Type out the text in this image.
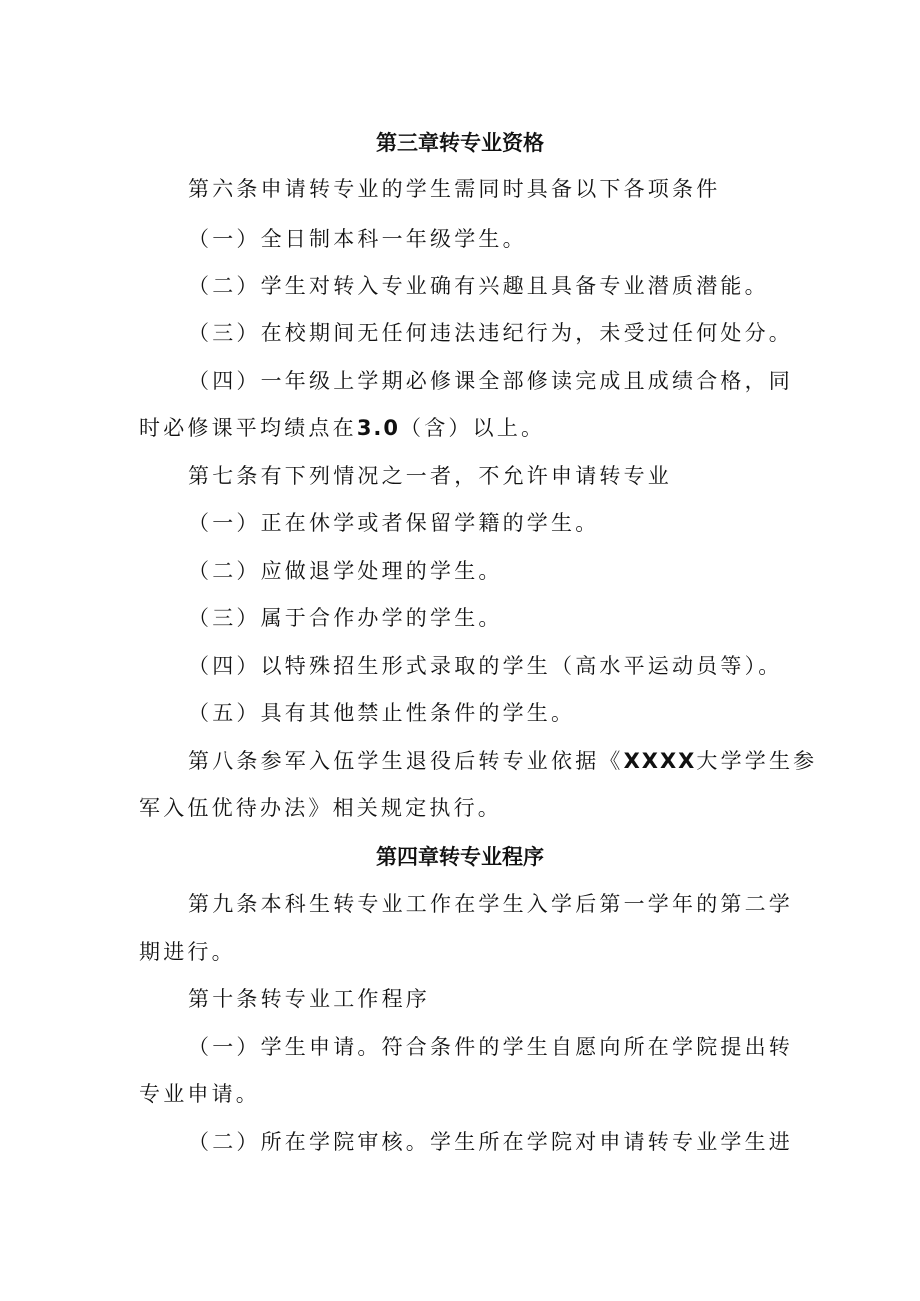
第三章转专业资格

第六条申请转专业的学生需同时具备以下各项条件

（一）全日制本科一年级学生。

（二）学生对转入专业确有兴趣且具备专业潜质潜能。

（三）在校期间无任何违法违纪行为，未受过任何处分。

（四）一年级上学期必修课全部修读完成且成绩合格，同

时必修课平均绩点在3.0（含）以上。

第七条有下列情况之一者，不允许申请转专业

（一）正在休学或者保留学籍的学生。

（二）应做退学处理的学生。

（三）属于合作办学的学生。

（四）以特殊招生形式录取的学生（高水平运动员等）。

（五）具有其他禁止性条件的学生。

第八条参军入伍学生退役后转专业依据《XXXX大学学生参

军入伍优待办法》相关规定执行。

第四章转专业程序

第九条本科生转专业工作在学生入学后第一学年的第二学

期进行。

第十条转专业工作程序

（一）学生申请。符合条件的学生自愿向所在学院提出转

专业申请。

（二）所在学院审核。学生所在学院对申请转专业学生进
